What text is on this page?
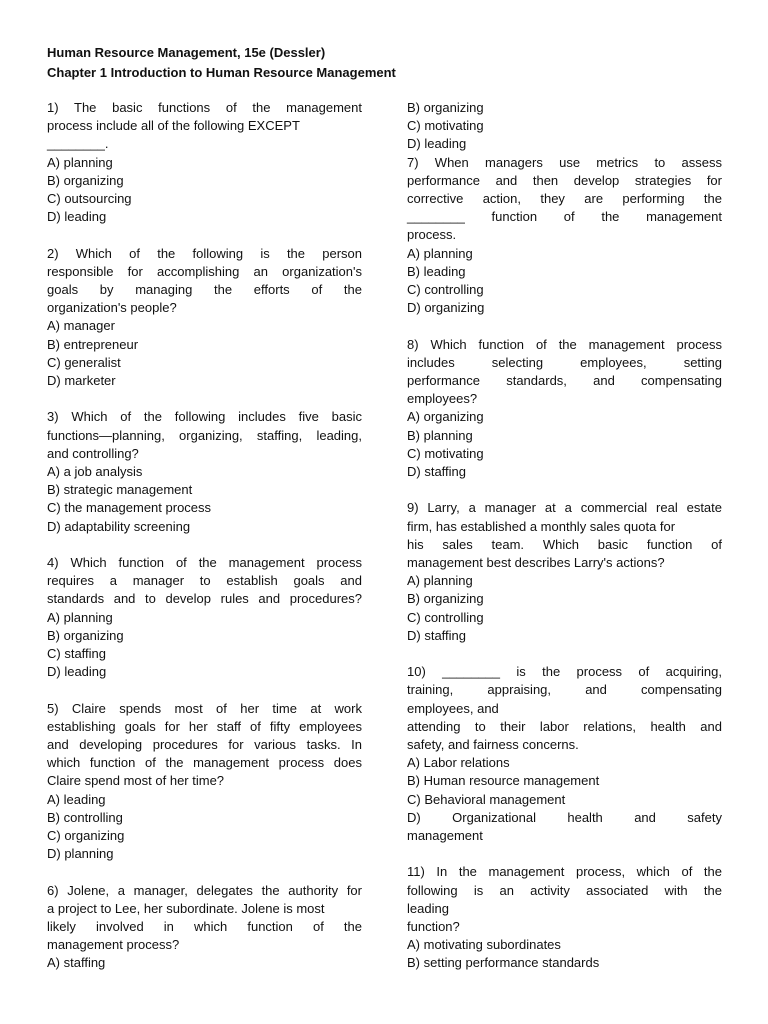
Human Resource Management, 15e (Dessler)
Chapter 1 Introduction to Human Resource Management
1) The basic functions of the management
process include all of the following EXCEPT
________.
A) planning
B) organizing
C) outsourcing
D) leading
2) Which of the following is the person
responsible for accomplishing an organization's
goals by managing the efforts of the
organization's people?
A) manager
B) entrepreneur
C) generalist
D) marketer
3) Which of the following includes five basic
functions—planning, organizing, staffing, leading,
and controlling?
A) a job analysis
B) strategic management
C) the management process
D) adaptability screening
4) Which function of the management process
requires a manager to establish goals and
standards and to develop rules and procedures?
A) planning
B) organizing
C) staffing
D) leading
5) Claire spends most of her time at work
establishing goals for her staff of fifty employees
and developing procedures for various tasks. In
which function of the management process does
Claire spend most of her time?
A) leading
B) controlling
C) organizing
D) planning
6) Jolene, a manager, delegates the authority for
a project to Lee, her subordinate. Jolene is most
likely involved in which function of the
management process?
A) staffing
B) organizing
C) motivating
D) leading
7) When managers use metrics to assess
performance and then develop strategies for
corrective action, they are performing the
________ function of the management
process.
A) planning
B) leading
C) controlling
D) organizing
8) Which function of the management process
includes selecting employees, setting
performance standards, and compensating
employees?
A) organizing
B) planning
C) motivating
D) staffing
9) Larry, a manager at a commercial real estate
firm, has established a monthly sales quota for
his sales team. Which basic function of
management best describes Larry's actions?
A) planning
B) organizing
C) controlling
D) staffing
10) ________ is the process of acquiring,
training, appraising, and compensating
employees, and
attending to their labor relations, health and
safety, and fairness concerns.
A) Labor relations
B) Human resource management
C) Behavioral management
D) Organizational health and safety
management
11) In the management process, which of the
following is an activity associated with the
leading
function?
A) motivating subordinates
B) setting performance standards
